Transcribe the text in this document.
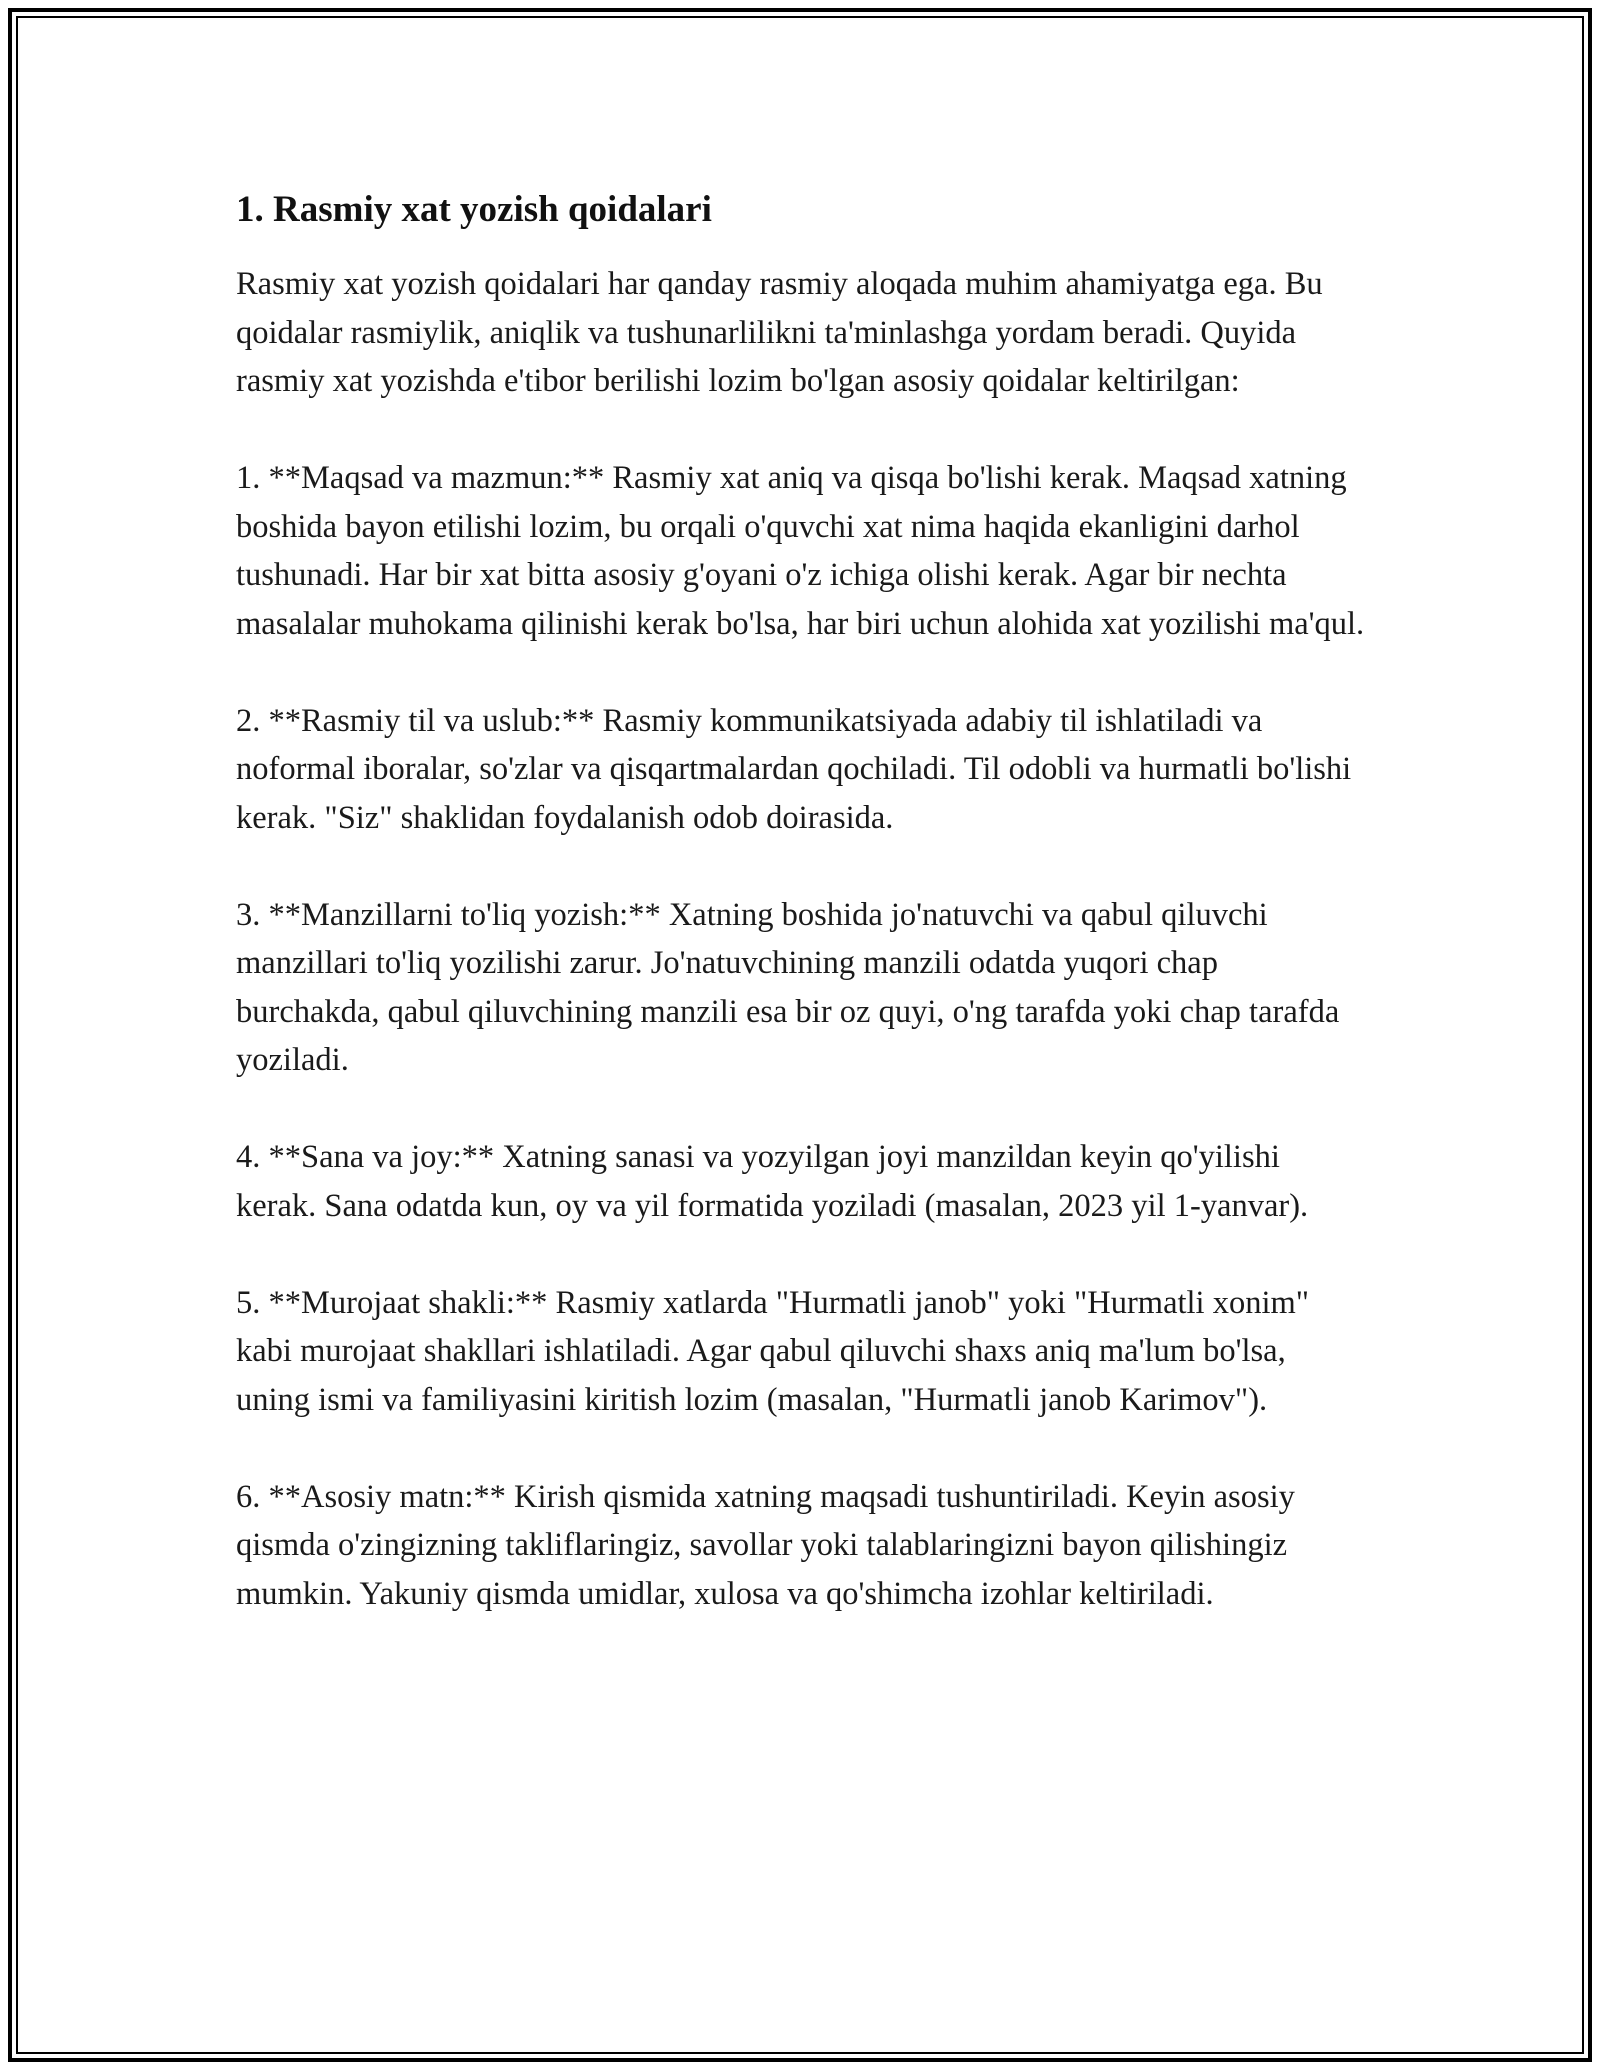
1. Rasmiy xat yozish qoidalari

Rasmiy xat yozish qoidalari har qanday rasmiy aloqada muhim ahamiyatga ega. Bu qoidalar rasmiylik, aniqlik va tushunarlilikni ta'minlashga yordam beradi. Quyida rasmiy xat yozishda e'tibor berilishi lozim bo'lgan asosiy qoidalar keltirilgan:

1. **Maqsad va mazmun:** Rasmiy xat aniq va qisqa bo'lishi kerak. Maqsad xatning boshida bayon etilishi lozim, bu orqali o'quvchi xat nima haqida ekanligini darhol tushunadi. Har bir xat bitta asosiy g'oyani o'z ichiga olishi kerak. Agar bir nechta masalalar muhokama qilinishi kerak bo'lsa, har biri uchun alohida xat yozilishi ma'qul.

2. **Rasmiy til va uslub:** Rasmiy kommunikatsiyada adabiy til ishlatiladi va noformal iboralar, so'zlar va qisqartmalardan qochiladi. Til odobli va hurmatli bo'lishi kerak. "Siz" shaklidan foydalanish odob doirasida.

3. **Manzillarni to'liq yozish:** Xatning boshida jo'natuvchi va qabul qiluvchi manzillari to'liq yozilishi zarur. Jo'natuvchining manzili odatda yuqori chap burchakda, qabul qiluvchining manzili esa bir oz quyi, o'ng tarafda yoki chap tarafda yoziladi.

4. **Sana va joy:** Xatning sanasi va yozyilgan joyi manzildan keyin qo'yilishi kerak. Sana odatda kun, oy va yil formatida yoziladi (masalan, 2023 yil 1-yanvar).

5. **Murojaat shakli:** Rasmiy xatlarda "Hurmatli janob" yoki "Hurmatli xonim" kabi murojaat shakllari ishlatiladi. Agar qabul qiluvchi shaxs aniq ma'lum bo'lsa, uning ismi va familiyasini kiritish lozim (masalan, "Hurmatli janob Karimov").

6. **Asosiy matn:** Kirish qismida xatning maqsadi tushuntiriladi. Keyin asosiy qismda o'zingizning takliflaringiz, savollar yoki talablaringizni bayon qilishingiz mumkin. Yakuniy qismda umidlar, xulosa va qo'shimcha izohlar keltiriladi.
